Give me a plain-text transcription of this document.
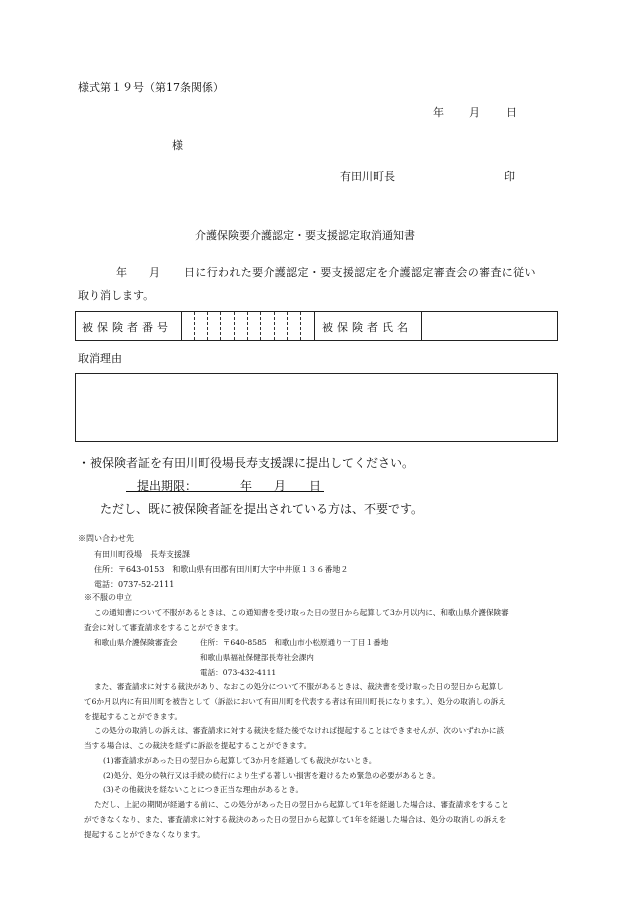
様式第１９号（第17条関係）
年 月 日
様
有田川町長	印
介護保険要介護認定・要支援認定取消通知書
年 月 日に行われた要介護認定・要支援認定を介護認定審査会の審査に従い
取り消します。
被保険者番号	被保険者氏名
取消理由
・被保険者証を有田川町役場長寿支援課に提出してください。
提出期限：	年 月 日
ただし、既に被保険者証を提出されている方は、不要です。
※問い合わせ先
有田川町役場　長寿支援課
住所：〒643-0153　和歌山県有田郡有田川町大字中井原１３６番地２
電話：0737-52-2111
※不服の申立
この通知書について不服があるときは、この通知書を受け取った日の翌日から起算して3か月以内に、和歌山県介護保険審
査会に対して審査請求をすることができます。
和歌山県介護保険審査会	住所：〒640-8585　和歌山市小松原通り一丁目１番地
和歌山県福祉保健部長寿社会課内
電話：073-432-4111
また、審査請求に対する裁決があり、なおこの処分について不服があるときは、裁決書を受け取った日の翌日から起算し
て6か月以内に有田川町を被告として（訴訟において有田川町を代表する者は有田川町長になります。）、処分の取消しの訴え
を提起することができます。
この処分の取消しの訴えは、審査請求に対する裁決を経た後でなければ提起することはできませんが、次のいずれかに該
当する場合は、この裁決を経ずに訴訟を提起することができます。
(1)審査請求があった日の翌日から起算して3か月を経過しても裁決がないとき。
(2)処分、処分の執行又は手続の続行により生ずる著しい損害を避けるため緊急の必要があるとき。
(3)その他裁決を経ないことにつき正当な理由があるとき。
ただし、上記の期間が経過する前に、この処分があった日の翌日から起算して1年を経過した場合は、審査請求をすること
ができなくなり、また、審査請求に対する裁決のあった日の翌日から起算して1年を経過した場合は、処分の取消しの訴えを
提起することができなくなります。
